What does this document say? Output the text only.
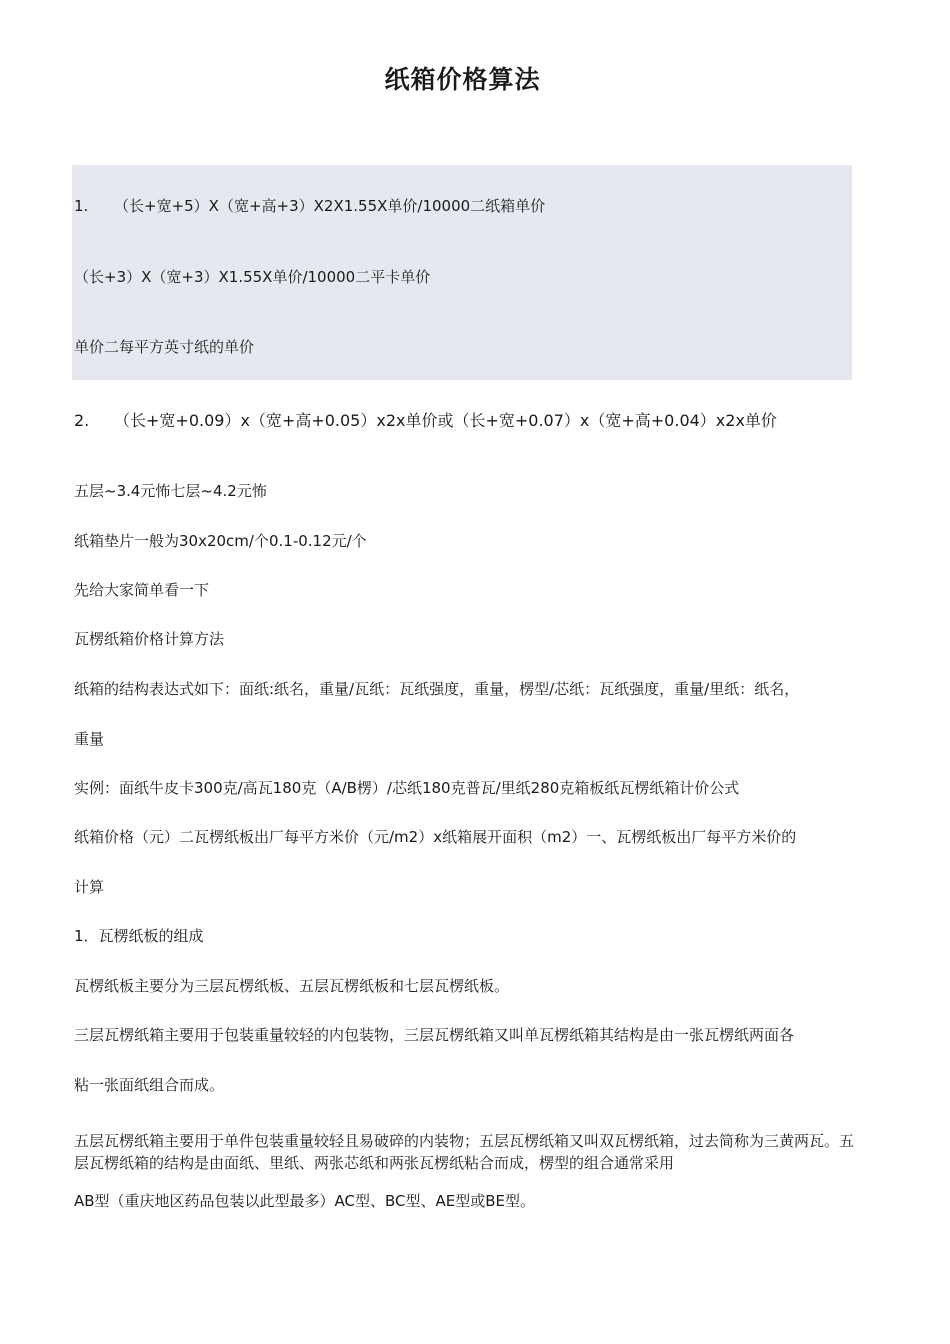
纸箱价格算法

1. （长+宽+5）X（宽+高+3）X2X1.55X单价/10000二纸箱单价

（长+3）X（宽+3）X1.55X单价/10000二平卡单价

单价二每平方英寸纸的单价

2. （长+宽+0.09）x（宽+高+0.05）x2x单价或（长+宽+0.07）x（宽+高+0.04）x2x单价

五层~3.4元怖七层~4.2元怖

纸箱垫片一般为30x20cm/个0.1-0.12元/个

先给大家简单看一下

瓦楞纸箱价格计算方法

纸箱的结构表达式如下：面纸:纸名，重量/瓦纸：瓦纸强度，重量，楞型/芯纸：瓦纸强度，重量/里纸：纸名，

重量

实例：面纸牛皮卡300克/高瓦180克（A/B楞）/芯纸180克普瓦/里纸280克箱板纸瓦楞纸箱计价公式

纸箱价格（元）二瓦楞纸板出厂每平方米价（元/m2）x纸箱展开面积（m2）一、瓦楞纸板出厂每平方米价的

计算

1．瓦楞纸板的组成

瓦楞纸板主要分为三层瓦楞纸板、五层瓦楞纸板和七层瓦楞纸板。

三层瓦楞纸箱主要用于包装重量较轻的内包装物，三层瓦楞纸箱又叫单瓦楞纸箱其结构是由一张瓦楞纸两面各

粘一张面纸组合而成。

五层瓦楞纸箱主要用于单件包装重量较轻且易破碎的内装物；五层瓦楞纸箱又叫双瓦楞纸箱，过去简称为三黄两瓦。五层瓦楞纸箱的结构是由面纸、里纸、两张芯纸和两张瓦楞纸粘合而成，楞型的组合通常采用

AB型（重庆地区药品包装以此型最多）AC型、BC型、AE型或BE型。
